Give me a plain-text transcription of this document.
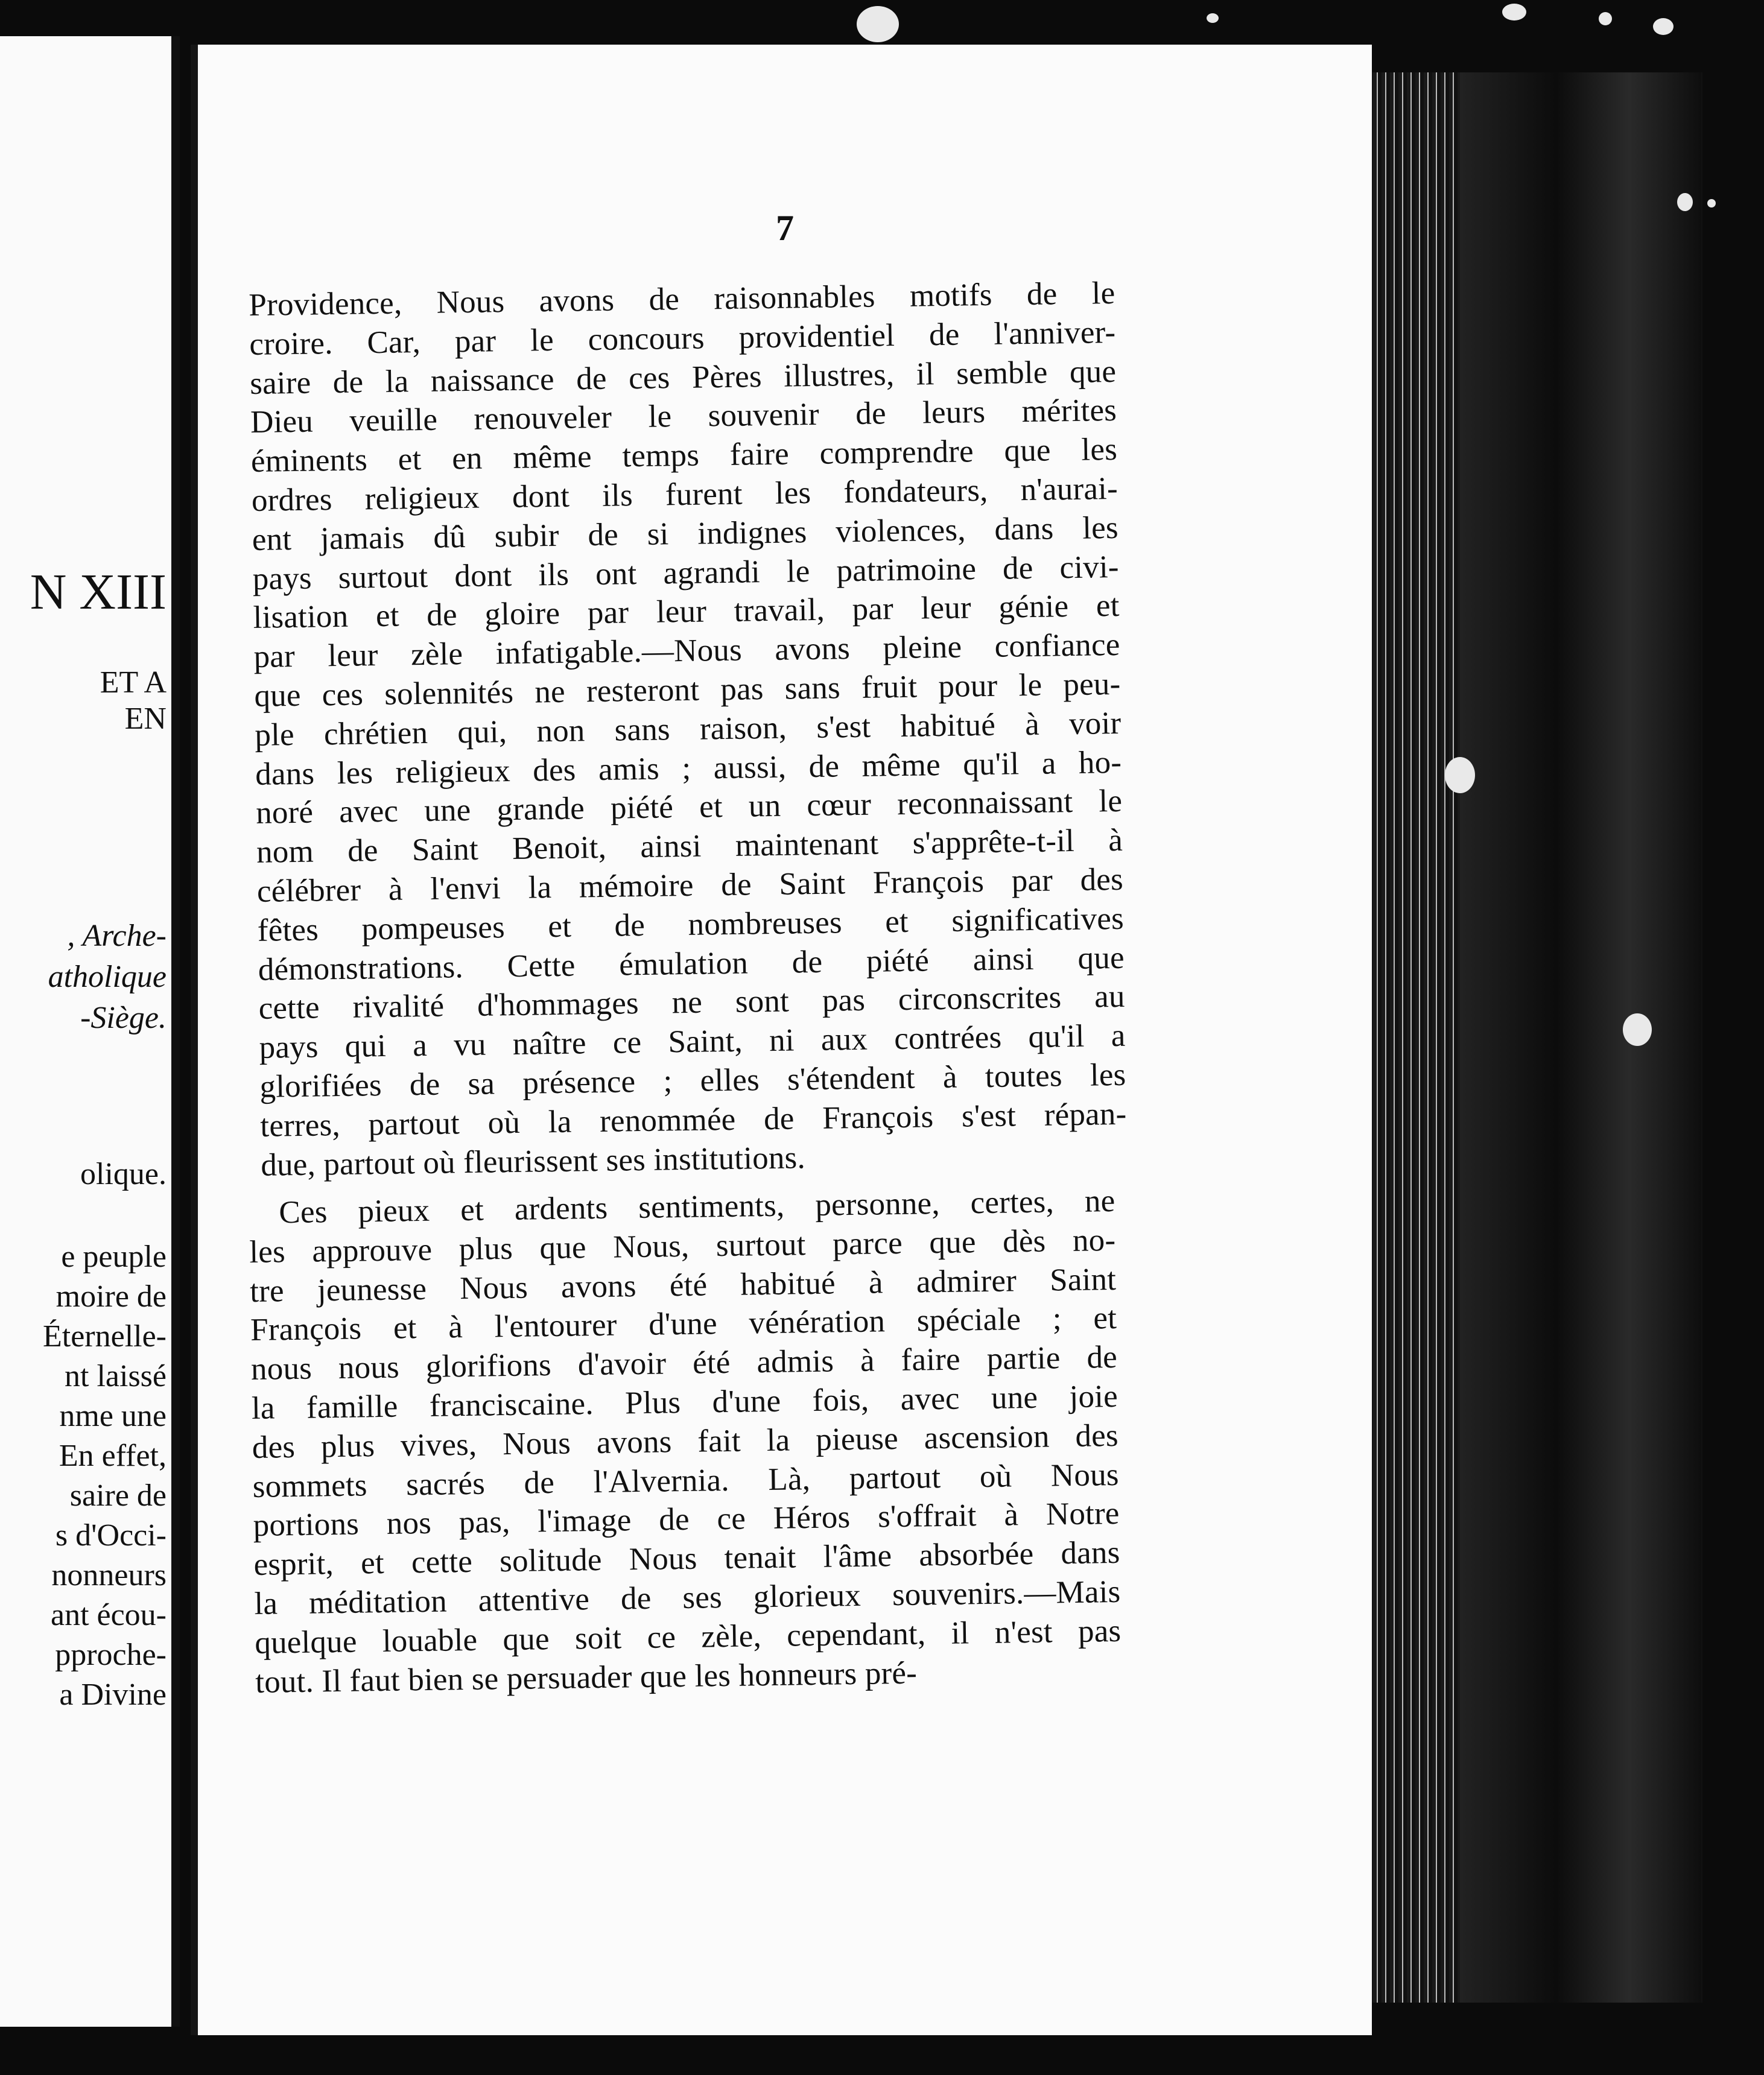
N XIII
ET A
EN
, Arche-
atholique
-Siège.
olique.
e peuple
moire de
Éternelle-
nt laissé
nme une
En effet,
saire de
s d'Occi-
nonneurs
ant écou-
pproche-
a Divine
7
Providence, Nous avons de raisonnables motifs de le
croire. Car, par le concours providentiel de l'anniver-
saire de la naissance de ces Pères illustres, il semble que
Dieu veuille renouveler le souvenir de leurs mérites
éminents et en même temps faire comprendre que les
ordres religieux dont ils furent les fondateurs, n'aurai-
ent jamais dû subir de si indignes violences, dans les
pays surtout dont ils ont agrandi le patrimoine de civi-
lisation et de gloire par leur travail, par leur génie et
par leur zèle infatigable.—Nous avons pleine confiance
que ces solennités ne resteront pas sans fruit pour le peu-
ple chrétien qui, non sans raison, s'est habitué à voir
dans les religieux des amis ; aussi, de même qu'il a ho-
noré avec une grande piété et un cœur reconnaissant le
nom de Saint Benoit, ainsi maintenant s'apprête-t-il à
célébrer à l'envi la mémoire de Saint François par des
fêtes pompeuses et de nombreuses et significatives
démonstrations. Cette émulation de piété ainsi que
cette rivalité d'hommages ne sont pas circonscrites au
pays qui a vu naître ce Saint, ni aux contrées qu'il a
glorifiées de sa présence ; elles s'étendent à toutes les
terres, partout où la renommée de François s'est répan-
due, partout où fleurissent ses institutions.
Ces pieux et ardents sentiments, personne, certes, ne
les approuve plus que Nous, surtout parce que dès no-
tre jeunesse Nous avons été habitué à admirer Saint
François et à l'entourer d'une vénération spéciale ; et
nous nous glorifions d'avoir été admis à faire partie de
la famille franciscaine. Plus d'une fois, avec une joie
des plus vives, Nous avons fait la pieuse ascension des
sommets sacrés de l'Alvernia. Là, partout où Nous
portions nos pas, l'image de ce Héros s'offrait à Notre
esprit, et cette solitude Nous tenait l'âme absorbée dans
la méditation attentive de ses glorieux souvenirs.—Mais
quelque louable que soit ce zèle, cependant, il n'est pas
tout. Il faut bien se persuader que les honneurs pré-
